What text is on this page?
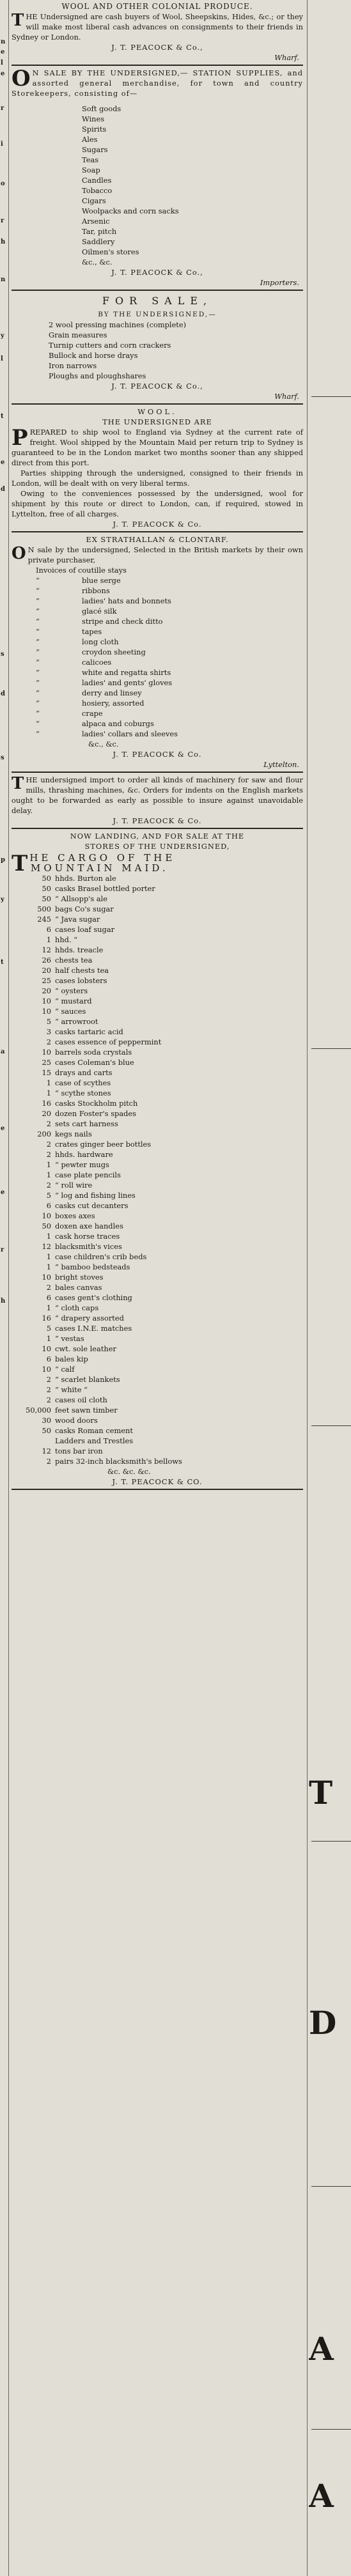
n
e
l
e
r
i
o
r
h
n
y
l
t
e
d
s
d
s
p
y
t
a
e
e
r
h
WOOL AND OTHER COLONIAL PRODUCE.
THE Undersigned are cash buyers of Wool, Sheepskins, Hides, &c.; or they will make most liberal cash advances on consignments to their friends in Sydney or London.
J. T. PEACOCK & Co.,
Wharf.
O N SALE BY THE UNDERSIGNED,— STATION SUPPLIES, and assorted general merchandise, for town and country Storekeepers, consisting of—
Soft goods
Wines
Spirits
Ales
Sugars
Teas
Soap
Candles
Tobacco
Cigars
Woolpacks and corn sacks
Arsenic
Tar, pitch
Saddlery
Oilmen's stores
&c., &c.
J. T. PEACOCK & Co.,
Importers.
FOR SALE,
BY THE UNDERSIGNED,—
2 wool pressing machines (complete)
Grain measures
Turnip cutters and corn crackers
Bullock and horse drays
Iron narrows
Ploughs and ploughshares
J. T. PEACOCK & Co.,
Wharf.
WOOL.
THE UNDERSIGNED ARE
PREPARED to ship wool to England via Sydney at the current rate of freight. Wool shipped by the Mountain Maid per return trip to Sydney is guaranteed to be in the London market two months sooner than any shipped direct from this port.
Parties shipping through the undersigned, consigned to their friends in London, will be dealt with on very liberal terms.
Owing to the conveniences possessed by the undersigned, wool for shipment by this route or direct to London, can, if required, stowed in Lyttelton, free of all charges.
J. T. PEACOCK & Co.
EX STRATHALLAN & CLONTARF.
O N sale by the undersigned, Selected in the British markets by their own private purchaser,
Invoices of coutille stays
“	blue serge
“	ribbons
“	ladies' hats and bonnets
“	glacé silk
“	stripe and check ditto
“	tapes
“	long cloth
“	croydon sheeting
“	calicoes
“	white and regatta shirts
“	ladies' and gents' gloves
“	derry and linsey
“	hosiery, assorted
“	crape
“	alpaca and coburgs
“	ladies' collars and sleeves
&c., &c.
J. T. PEACOCK & Co.
Lyttelton.
THE undersigned import to order all kinds of machinery for saw and flour mills, thrashing machines, &c. Orders for indents on the English markets ought to be forwarded as early as possible to insure against unavoidable delay.
J. T. PEACOCK & Co.
NOW LANDING, AND FOR SALE AT THE
STORES OF THE UNDERSIGNED,
T HE CARGO OF THE
MOUNTAIN MAID.
50 hhds. Burton ale
50 casks Brasel bottled porter
50 “ Allsopp's ale
500 bags Co's sugar
245 “ Java sugar
6 cases loaf sugar
1 hhd. “
12 hhds. treacle
26 chests tea
20 half chests tea
25 cases lobsters
20 “ oysters
10 “ mustard
10 “ sauces
5 “ arrowroot
3 casks tartaric acid
2 cases essence of peppermint
10 barrels soda crystals
25 cases Coleman's blue
15 drays and carts
1 case of scythes
1 “ scythe stones
16 casks Stockholm pitch
20 dozen Foster's spades
2 sets cart harness
200 kegs nails
2 crates ginger beer bottles
2 hhds. hardware
1 “ pewter mugs
1 case plate pencils
2 “ roll wire
5 “ log and fishing lines
6 casks cut decanters
10 boxes axes
50 doxen axe handles
1 cask horse traces
12 blacksmith's vices
1 case children's crib beds
1 “ bamboo bedsteads
10 bright stoves
2 bales canvas
6 cases gent's clothing
1 “ cloth caps
16 “ drapery assorted
5 cases I.N.E. matches
1 “ vestas
10 cwt. sole leather
6 bales kip
10 “ calf
2 “ scarlet blankets
2 “ white “
2 cases oil cloth
50,000 feet sawn timber
30 wood doors
50 casks Roman cement
Ladders and Trestles
12 tons bar iron
2 pairs 32-inch blacksmith's bellows
&c. &c. &c.
J. T. PEACOCK & CO.
T
D
A
A
